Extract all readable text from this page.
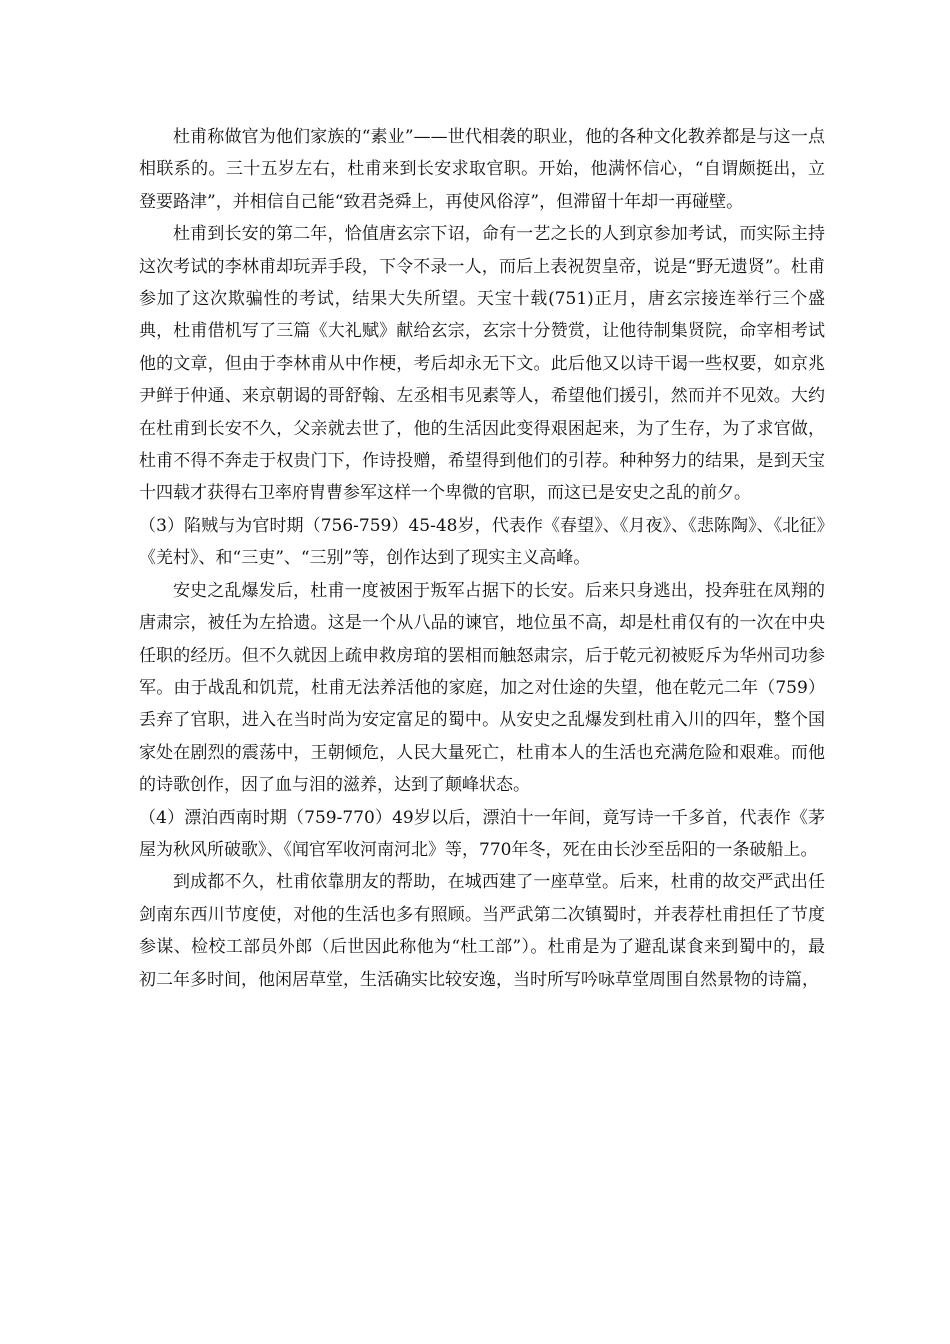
杜甫称做官为他们家族的“素业”——世代相袭的职业，他的各种文化教养都是与这一点相联系的。三十五岁左右，杜甫来到长安求取官职。开始，他满怀信心，“自谓颇挺出，立登要路津”，并相信自己能“致君尧舜上，再使风俗淳”，但滞留十年却一再碰壁。

杜甫到长安的第二年，恰值唐玄宗下诏，命有一艺之长的人到京参加考试，而实际主持这次考试的李林甫却玩弄手段，下令不录一人，而后上表祝贺皇帝，说是“野无遗贤”。杜甫参加了这次欺骗性的考试，结果大失所望。天宝十载(751)正月，唐玄宗接连举行三个盛典，杜甫借机写了三篇《大礼赋》献给玄宗，玄宗十分赞赏，让他待制集贤院，命宰相考试他的文章，但由于李林甫从中作梗，考后却永无下文。此后他又以诗干谒一些权要，如京兆尹鲜于仲通、来京朝谒的哥舒翰、左丞相韦见素等人，希望他们援引，然而并不见效。大约在杜甫到长安不久，父亲就去世了，他的生活因此变得艰困起来，为了生存，为了求官做，杜甫不得不奔走于权贵门下，作诗投赠，希望得到他们的引荐。种种努力的结果，是到天宝十四载才获得右卫率府胄曹参军这样一个卑微的官职，而这已是安史之乱的前夕。

（3）陷贼与为官时期（756-759）45-48岁，代表作《春望》、《月夜》、《悲陈陶》、《北征》《羌村》、和“三吏”、“三别”等，创作达到了现实主义高峰。

安史之乱爆发后，杜甫一度被困于叛军占据下的长安。后来只身逃出，投奔驻在凤翔的唐肃宗，被任为左拾遗。这是一个从八品的谏官，地位虽不高，却是杜甫仅有的一次在中央任职的经历。但不久就因上疏申救房琯的罢相而触怒肃宗，后于乾元初被贬斥为华州司功参军。由于战乱和饥荒，杜甫无法养活他的家庭，加之对仕途的失望，他在乾元二年（759）丢弃了官职，进入在当时尚为安定富足的蜀中。从安史之乱爆发到杜甫入川的四年，整个国家处在剧烈的震荡中，王朝倾危，人民大量死亡，杜甫本人的生活也充满危险和艰难。而他的诗歌创作，因了血与泪的滋养，达到了颠峰状态。

（4）漂泊西南时期（759-770）49岁以后，漂泊十一年间，竟写诗一千多首，代表作《茅屋为秋风所破歌》、《闻官军收河南河北》等，770年冬，死在由长沙至岳阳的一条破船上。

到成都不久，杜甫依靠朋友的帮助，在城西建了一座草堂。后来，杜甫的故交严武出任剑南东西川节度使，对他的生活也多有照顾。当严武第二次镇蜀时，并表荐杜甫担任了节度参谋、检校工部员外郎（后世因此称他为“杜工部”）。杜甫是为了避乱谋食来到蜀中的，最初二年多时间，他闲居草堂，生活确实比较安逸，当时所写吟咏草堂周围自然景物的诗篇，
